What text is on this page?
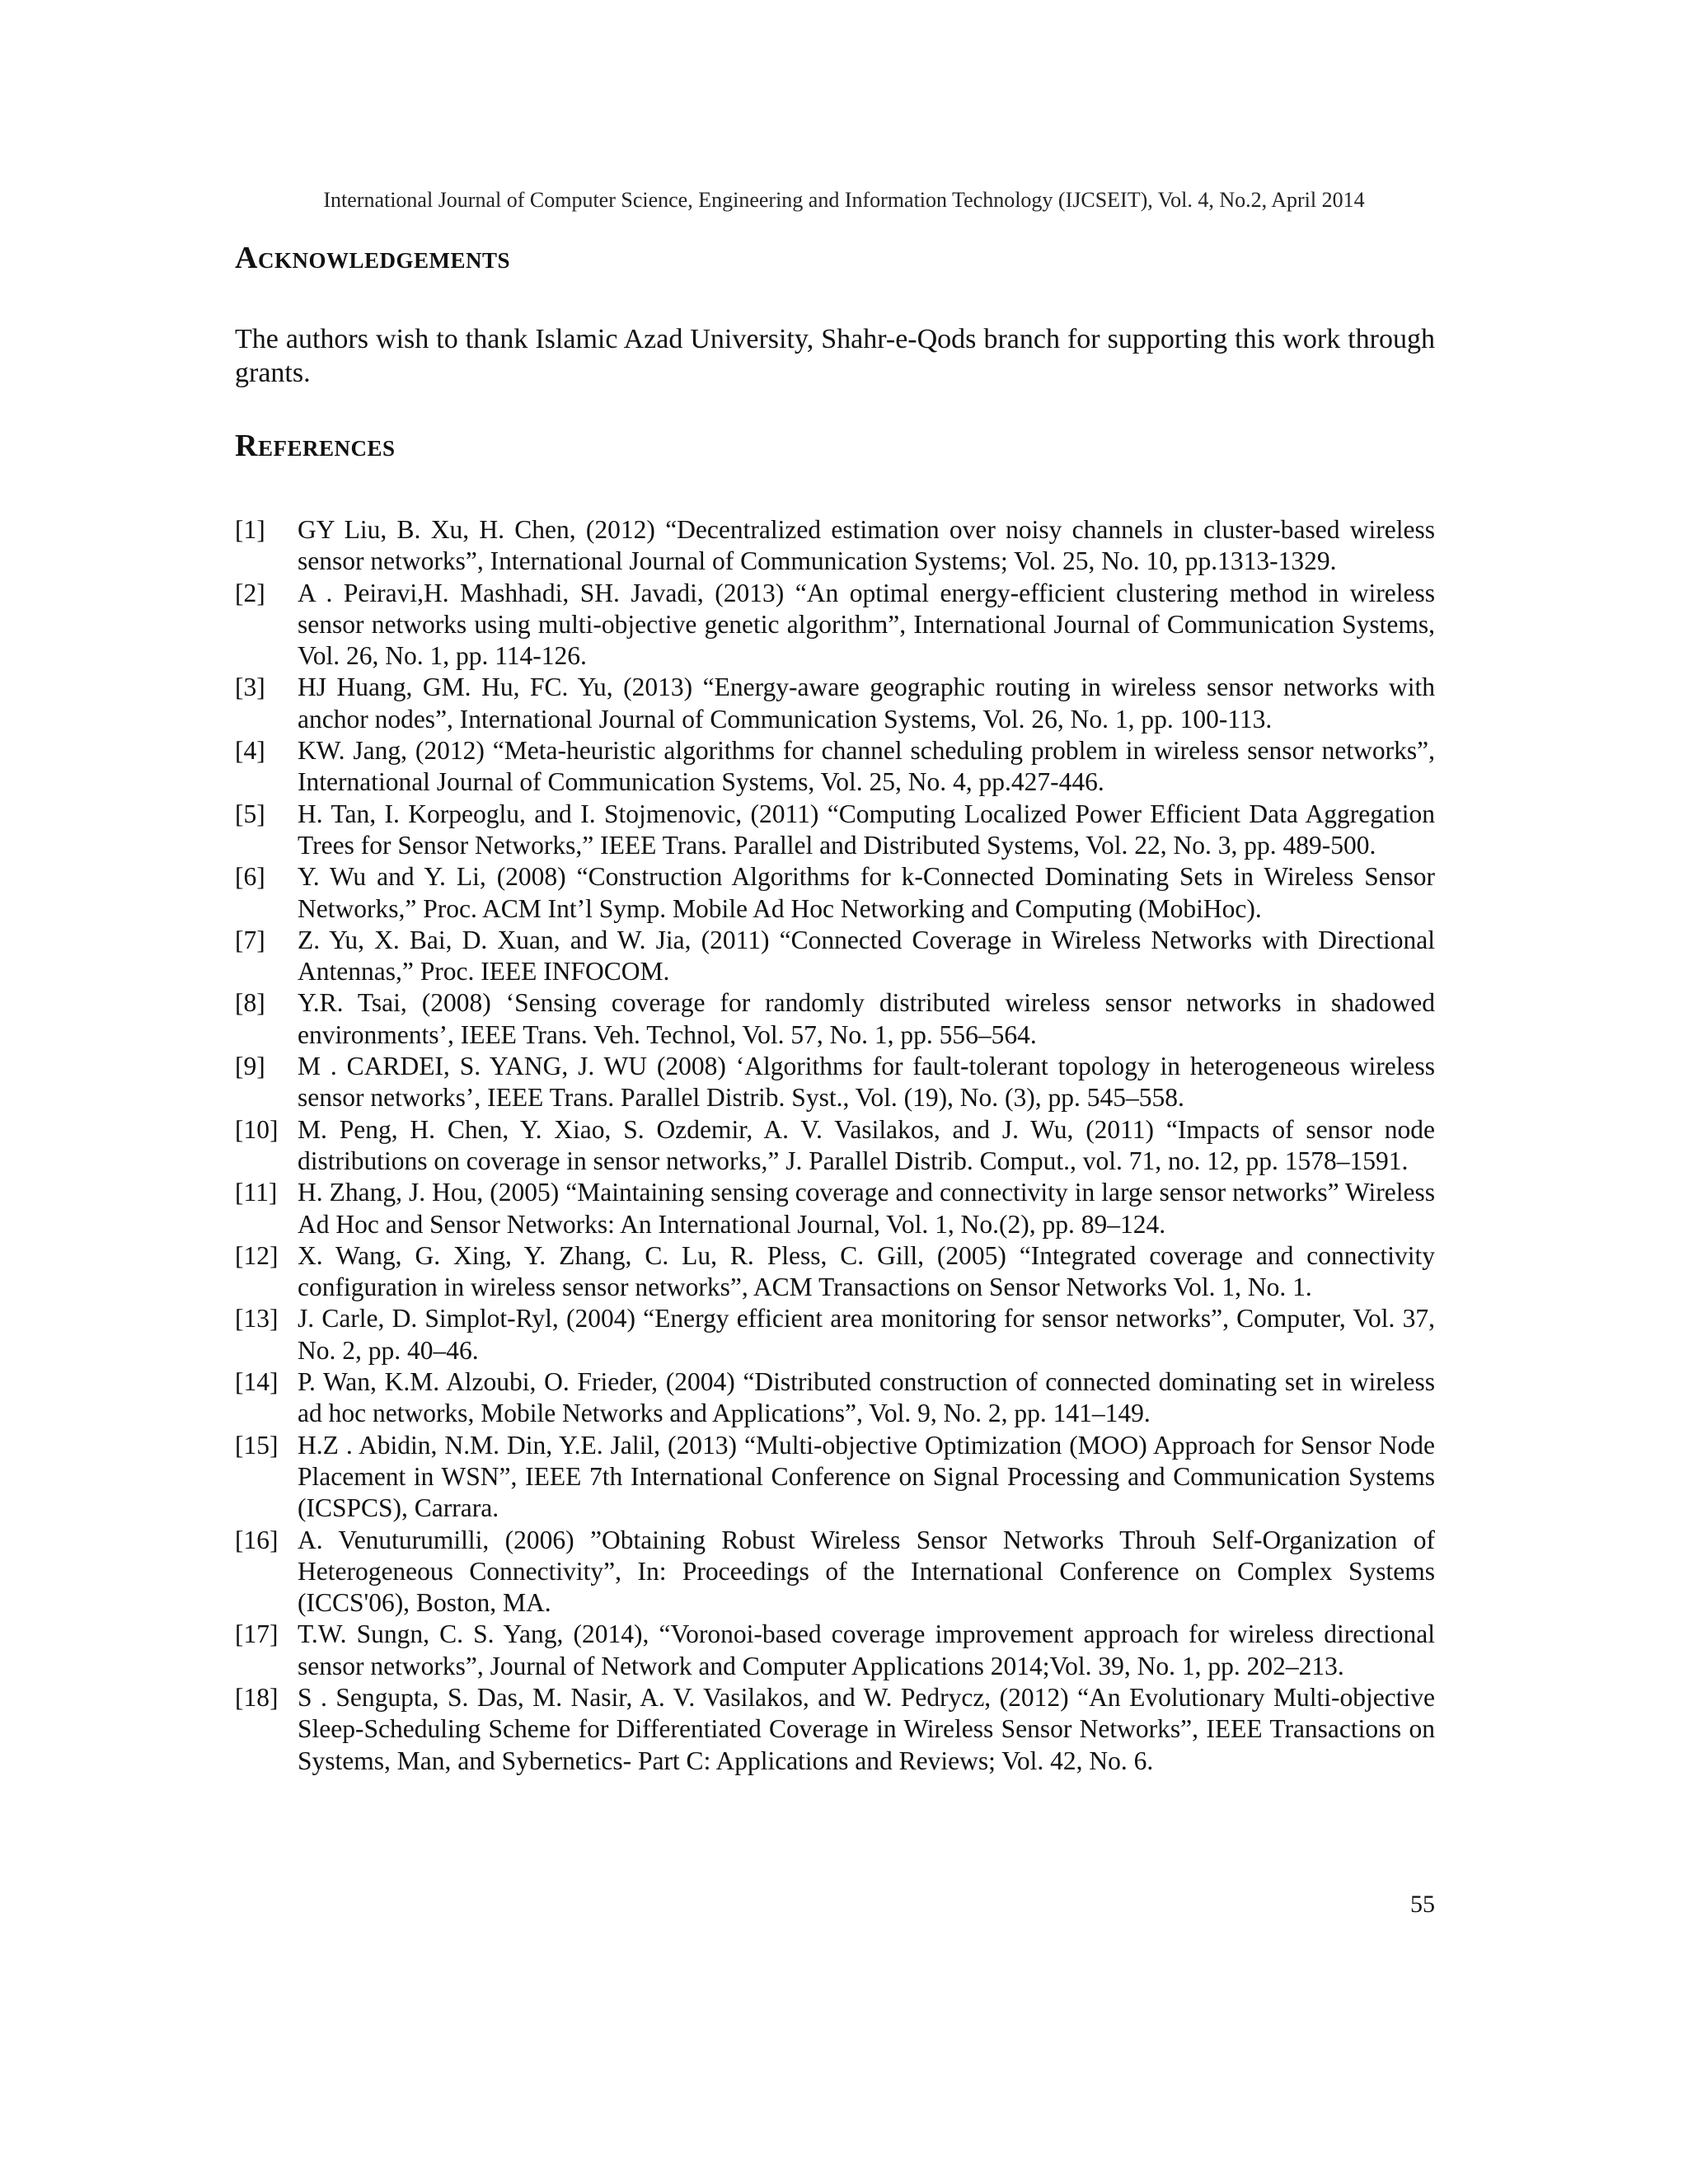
International Journal of Computer Science, Engineering and Information Technology (IJCSEIT), Vol. 4, No.2, April 2014
Acknowledgements

The authors wish to thank Islamic Azad University, Shahr-e-Qods branch for supporting this work through grants.

References
[1]	GY Liu, B. Xu, H. Chen, (2012) “Decentralized estimation over noisy channels in cluster-based wireless sensor networks”, International Journal of Communication Systems; Vol. 25, No. 10, pp.1313-1329.
[2]	A . Peiravi,H. Mashhadi, SH. Javadi, (2013) “An optimal energy-efficient clustering method in wireless sensor networks using multi-objective genetic algorithm”, International Journal of Communication Systems, Vol. 26, No. 1, pp. 114-126.
[3]	HJ Huang, GM. Hu, FC. Yu, (2013) “Energy-aware geographic routing in wireless sensor networks with anchor nodes”, International Journal of Communication Systems, Vol. 26, No. 1, pp. 100-113.
[4]	KW. Jang, (2012) “Meta-heuristic algorithms for channel scheduling problem in wireless sensor networks”, International Journal of Communication Systems, Vol. 25, No. 4, pp.427-446.
[5]	H. Tan, I. Korpeoglu, and I. Stojmenovic, (2011) “Computing Localized Power Efficient Data Aggregation Trees for Sensor Networks,” IEEE Trans. Parallel and Distributed Systems, Vol. 22, No. 3, pp. 489-500.
[6]	Y. Wu and Y. Li, (2008) “Construction Algorithms for k-Connected Dominating Sets in Wireless Sensor Networks,” Proc. ACM Int’l Symp. Mobile Ad Hoc Networking and Computing (MobiHoc).
[7]	Z. Yu, X. Bai, D. Xuan, and W. Jia, (2011) “Connected Coverage in Wireless Networks with Directional Antennas,” Proc. IEEE INFOCOM.
[8]	Y.R. Tsai, (2008) ‘Sensing coverage for randomly distributed wireless sensor networks in shadowed environments’, IEEE Trans. Veh. Technol, Vol. 57, No. 1, pp. 556–564.
[9]	M . CARDEI, S. YANG, J. WU (2008) ‘Algorithms for fault-tolerant topology in heterogeneous wireless sensor networks’, IEEE Trans. Parallel Distrib. Syst., Vol. (19), No. (3), pp. 545–558.
[10] M. Peng, H. Chen, Y. Xiao, S. Ozdemir, A. V. Vasilakos, and J. Wu, (2011) “Impacts of sensor node distributions on coverage in sensor networks,” J. Parallel Distrib. Comput., vol. 71, no. 12, pp. 1578–1591.
[11] H. Zhang, J. Hou, (2005) “Maintaining sensing coverage and connectivity in large sensor networks” Wireless Ad Hoc and Sensor Networks: An International Journal, Vol. 1, No.(2), pp. 89–124.
[12] X. Wang, G. Xing, Y. Zhang, C. Lu, R. Pless, C. Gill, (2005) “Integrated coverage and connectivity configuration in wireless sensor networks”, ACM Transactions on Sensor Networks Vol. 1, No. 1.
[13] J. Carle, D. Simplot-Ryl, (2004) “Energy efficient area monitoring for sensor networks”, Computer, Vol. 37, No. 2, pp. 40–46.
[14] P. Wan, K.M. Alzoubi, O. Frieder, (2004) “Distributed construction of connected dominating set in wireless ad hoc networks, Mobile Networks and Applications”, Vol. 9, No. 2, pp. 141–149.
[15] H.Z . Abidin, N.M. Din, Y.E. Jalil, (2013) “Multi-objective Optimization (MOO) Approach for Sensor Node Placement in WSN”, IEEE 7th International Conference on Signal Processing and Communication Systems (ICSPCS), Carrara.
[16] A. Venuturumilli, (2006) ”Obtaining Robust Wireless Sensor Networks Throuh Self-Organization of Heterogeneous Connectivity”, In: Proceedings of the International Conference on Complex Systems (ICCS'06), Boston, MA.
[17] T.W. Sungn, C. S. Yang, (2014), “Voronoi-based coverage improvement approach for wireless directional sensor networks”, Journal of Network and Computer Applications 2014;Vol. 39, No. 1, pp. 202–213.
[18] S . Sengupta, S. Das, M. Nasir, A. V. Vasilakos, and W. Pedrycz, (2012) “An Evolutionary Multi-objective Sleep-Scheduling Scheme for Differentiated Coverage in Wireless Sensor Networks”, IEEE Transactions on Systems, Man, and Sybernetics- Part C: Applications and Reviews; Vol. 42, No. 6.
55
